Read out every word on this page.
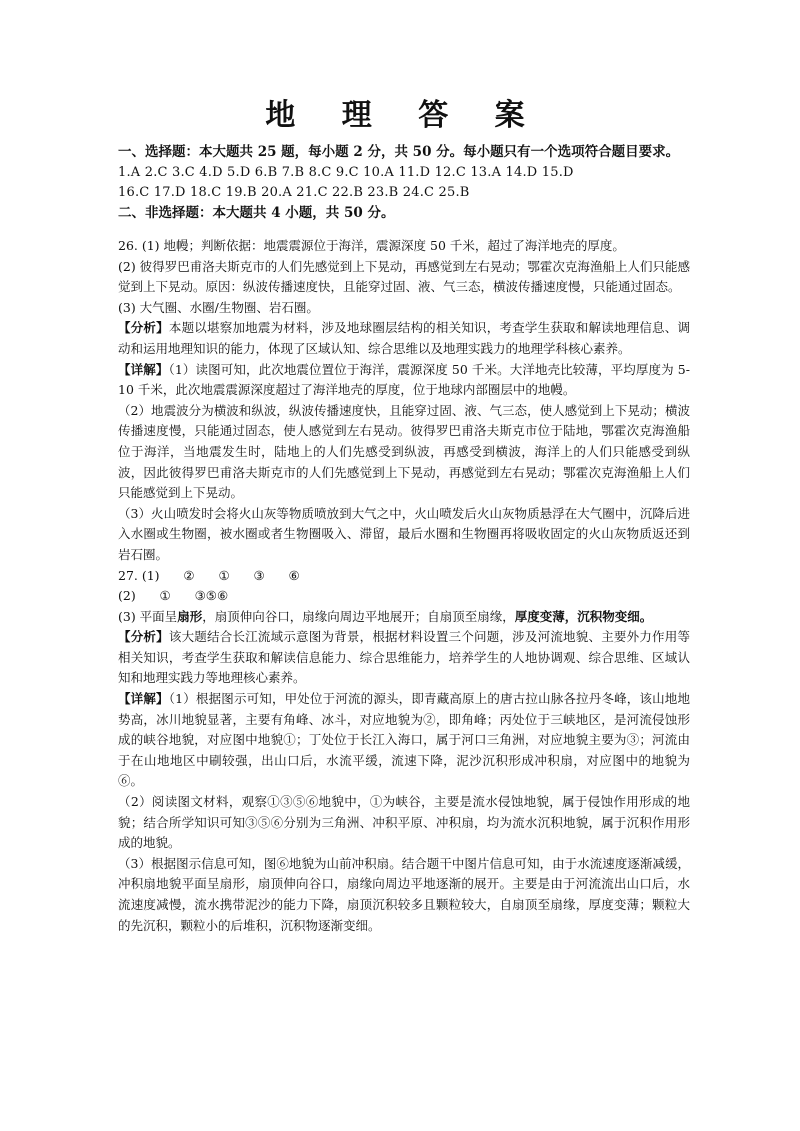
地 理 答 案

一、选择题：本大题共 25 题，每小题 2 分，共 50 分。每小题只有一个选项符合题目要求。

1.A 2.C 3.C 4.D 5.D 6.B 7.B 8.C 9.C 10.A 11.D 12.C 13.A 14.D 15.D

16.C 17.D 18.C 19.B 20.A 21.C 22.B 23.B 24.C 25.B

二、非选择题：本大题共 4 小题，共 50 分。

26. (1) 地幔；判断依据：地震震源位于海洋，震源深度 50 千米，超过了海洋地壳的厚度。

(2) 彼得罗巴甫洛夫斯克市的人们先感觉到上下晃动，再感觉到左右晃动；鄂霍次克海渔船上人们只能感觉到上下晃动。原因：纵波传播速度快，且能穿过固、液、气三态，横波传播速度慢，只能通过固态。

(3) 大气圈、水圈/生物圈、岩石圈。

【分析】本题以堪察加地震为材料，涉及地球圈层结构的相关知识，考查学生获取和解读地理信息、调动和运用地理知识的能力，体现了区域认知、综合思维以及地理实践力的地理学科核心素养。

【详解】（1）读图可知，此次地震位置位于海洋，震源深度 50 千米。大洋地壳比较薄，平均厚度为 5-10 千米，此次地震震源深度超过了海洋地壳的厚度，位于地球内部圈层中的地幔。

（2）地震波分为横波和纵波，纵波传播速度快，且能穿过固、液、气三态，使人感觉到上下晃动；横波传播速度慢，只能通过固态，使人感觉到左右晃动。彼得罗巴甫洛夫斯克市位于陆地，鄂霍次克海渔船位于海洋，当地震发生时，陆地上的人们先感受到纵波，再感受到横波，海洋上的人们只能感受到纵波，因此彼得罗巴甫洛夫斯克市的人们先感觉到上下晃动，再感觉到左右晃动；鄂霍次克海渔船上人们只能感觉到上下晃动。

（3）火山喷发时会将火山灰等物质喷放到大气之中，火山喷发后火山灰物质悬浮在大气圈中，沉降后进入水圈或生物圈，被水圈或者生物圈吸入、滞留，最后水圈和生物圈再将吸收固定的火山灰物质返还到岩石圈。

27. (1)      ②      ①      ③      ⑥

(2)      ①      ③⑤⑥

(3) 平面呈扇形，扇顶伸向谷口，扇缘向周边平地展开；自扇顶至扇缘，厚度变薄，沉积物变细。

【分析】该大题结合长江流域示意图为背景，根据材料设置三个问题，涉及河流地貌、主要外力作用等相关知识，考查学生获取和解读信息能力、综合思维能力，培养学生的人地协调观、综合思维、区域认知和地理实践力等地理核心素养。

【详解】（1）根据图示可知，甲处位于河流的源头，即青藏高原上的唐古拉山脉各拉丹冬峰，该山地地势高，冰川地貌显著，主要有角峰、冰斗，对应地貌为②，即角峰；丙处位于三峡地区，是河流侵蚀形成的峡谷地貌，对应图中地貌①；丁处位于长江入海口，属于河口三角洲，对应地貌主要为③；河流由于在山地地区中刷较强，出山口后，水流平缓，流速下降，泥沙沉积形成冲积扇，对应图中的地貌为⑥。

（2）阅读图文材料，观察①③⑤⑥地貌中，①为峡谷，主要是流水侵蚀地貌，属于侵蚀作用形成的地貌；结合所学知识可知③⑤⑥分别为三角洲、冲积平原、冲积扇，均为流水沉积地貌，属于沉积作用形成的地貌。

（3）根据图示信息可知，图⑥地貌为山前冲积扇。结合题干中图片信息可知，由于水流速度逐渐减缓，冲积扇地貌平面呈扇形，扇顶伸向谷口，扇缘向周边平地逐渐的展开。主要是由于河流流出山口后，水流速度减慢，流水携带泥沙的能力下降，扇顶沉积较多且颗粒较大，自扇顶至扇缘，厚度变薄；颗粒大的先沉积，颗粒小的后堆积，沉积物逐渐变细。
